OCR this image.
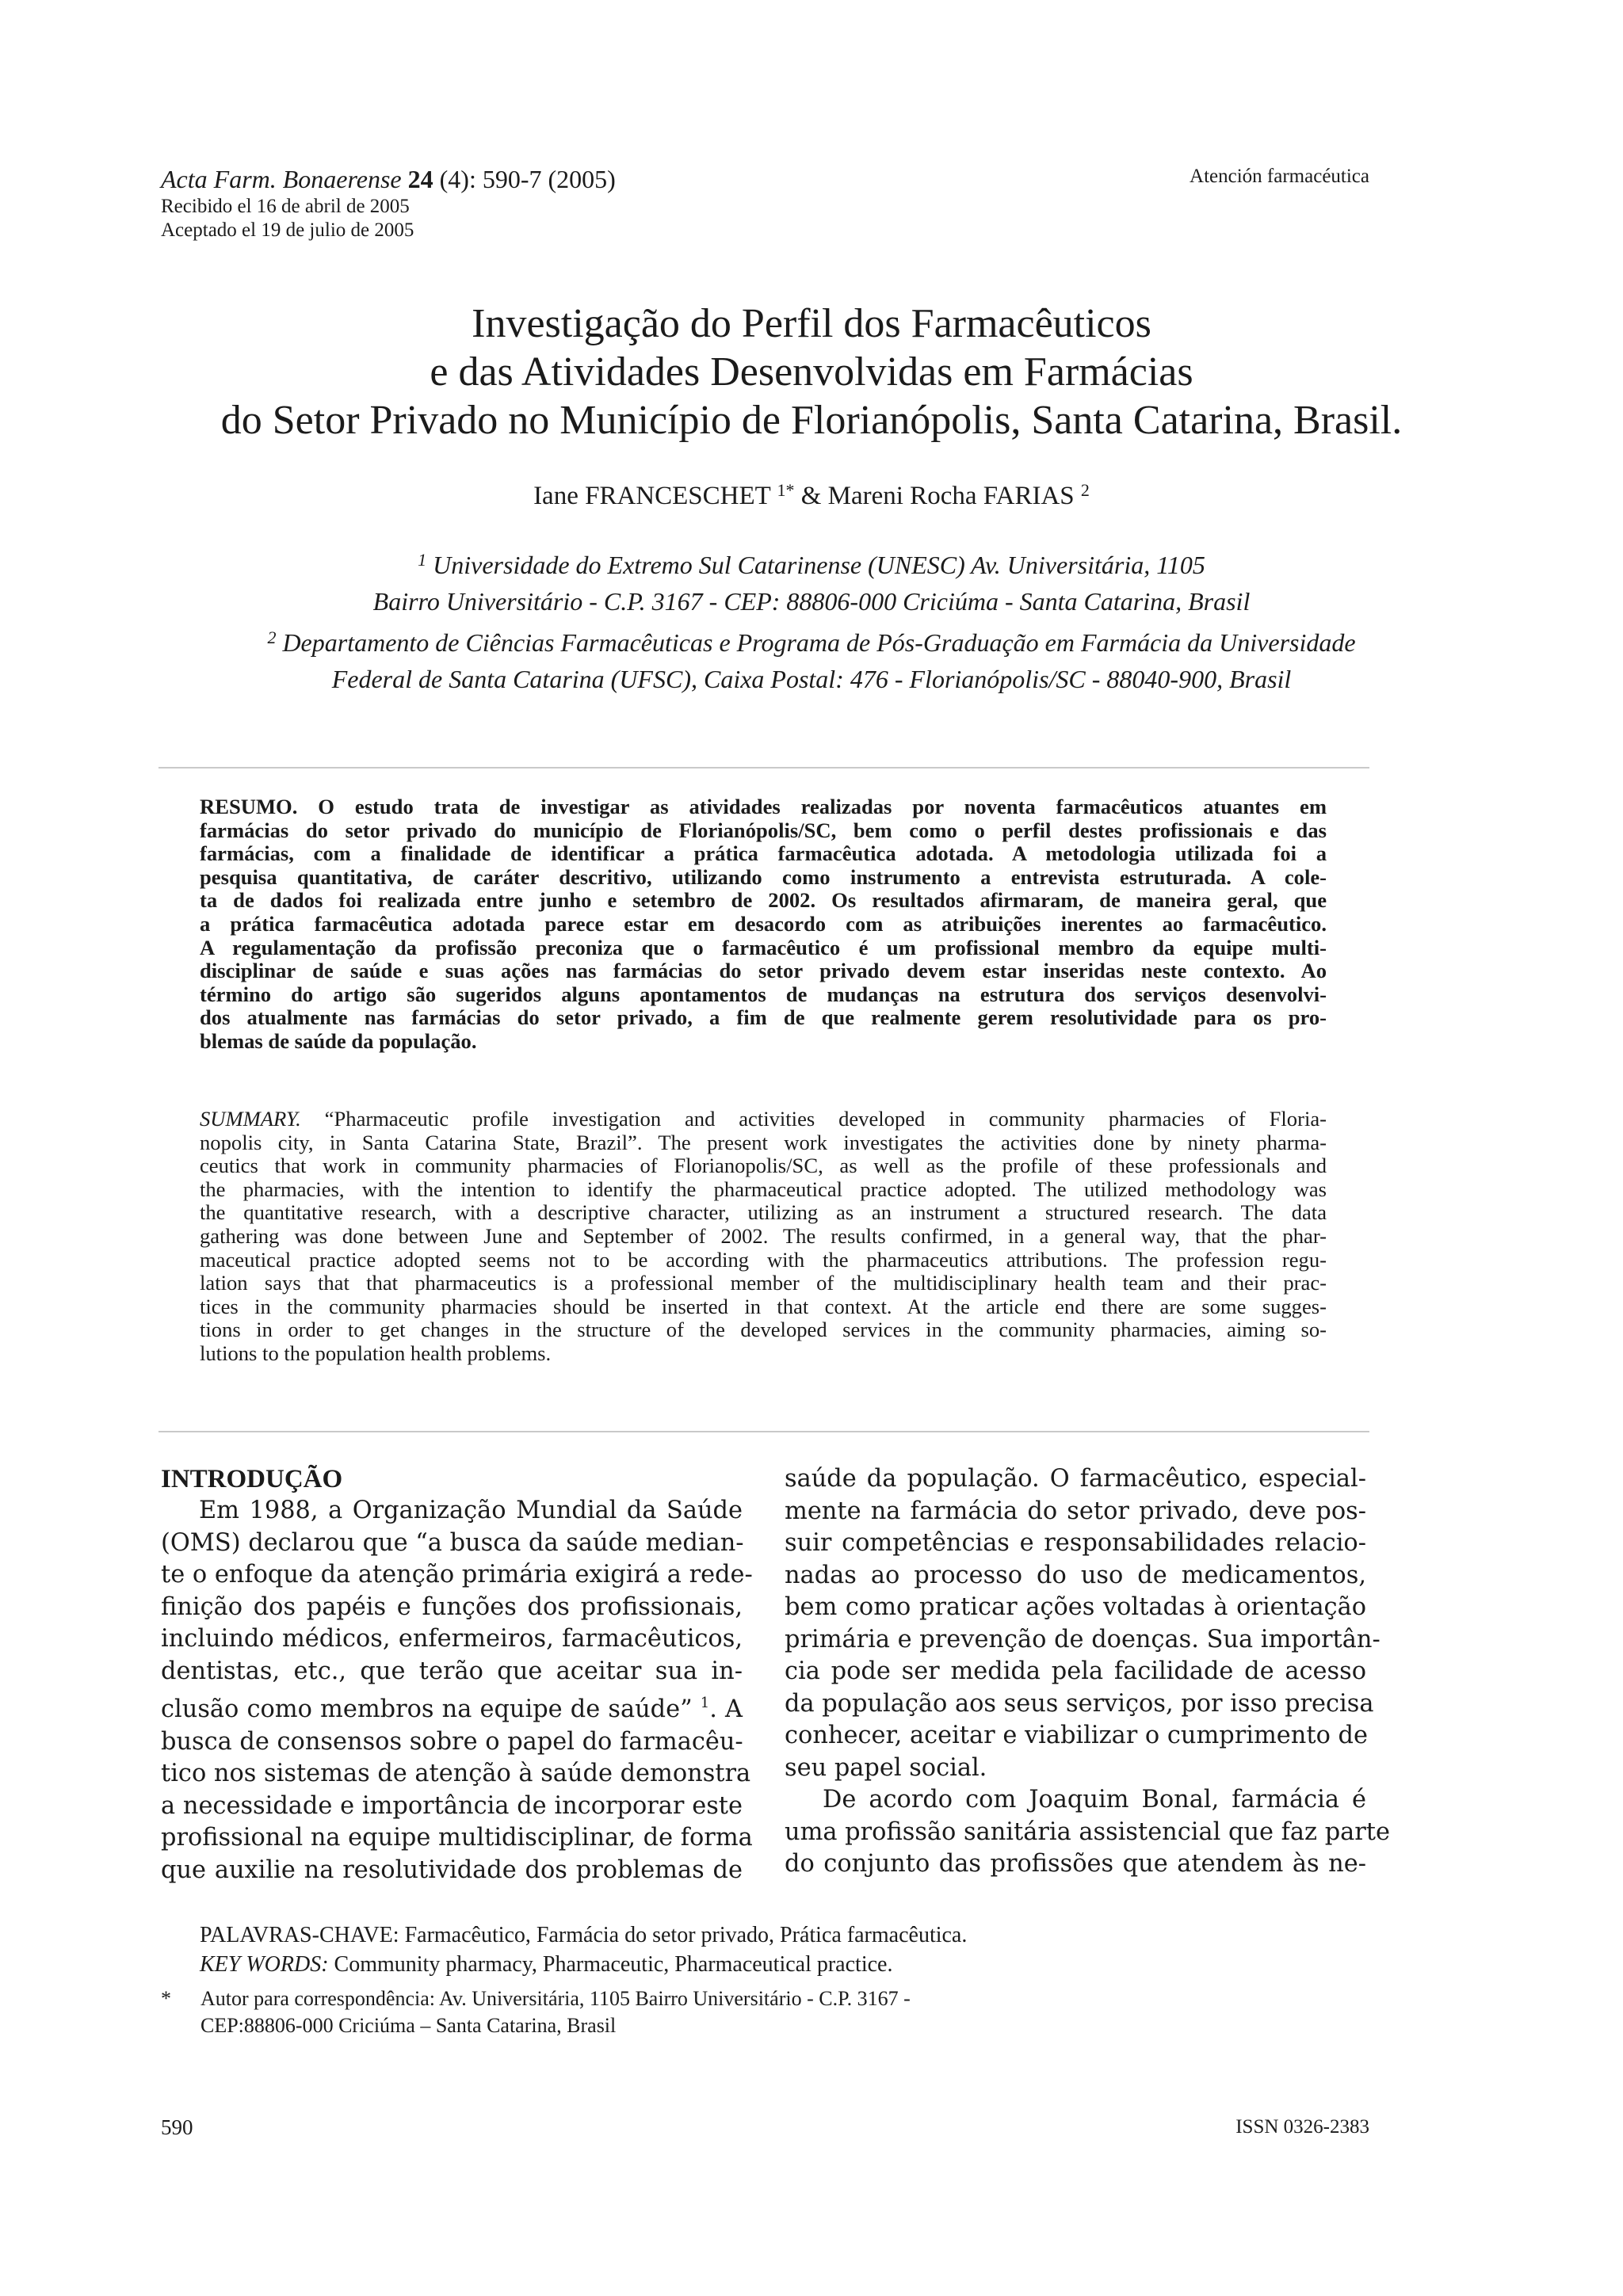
Acta Farm. Bonaerense 24 (4): 590-7 (2005)	Atención farmacéutica
Recibido el 16 de abril de 2005
Aceptado el 19 de julio de 2005
Investigação do Perfil dos Farmacêuticos
e das Atividades Desenvolvidas em Farmácias
do Setor Privado no Município de Florianópolis, Santa Catarina, Brasil.
Iane FRANCESCHET $^{1*}$ & Mareni Rocha FARIAS $^2$
$^1$ Universidade do Extremo Sul Catarinense (UNESC) Av. Universitária, 1105
Bairro Universitário - C.P. 3167 - CEP: 88806-000 Criciúma - Santa Catarina, Brasil
$^2$ Departamento de Ciências Farmacêuticas e Programa de Pós-Graduação em Farmácia da Universidade
Federal de Santa Catarina (UFSC), Caixa Postal: 476 - Florianópolis/SC - 88040-900, Brasil
RESUMO. O estudo trata de investigar as atividades realizadas por noventa farmacêuticos atuantes em
farmácias do setor privado do município de Florianópolis/SC, bem como o perfil destes profissionais e das
farmácias, com a finalidade de identificar a prática farmacêutica adotada. A metodologia utilizada foi a
pesquisa quantitativa, de caráter descritivo, utilizando como instrumento a entrevista estruturada. A cole-
ta de dados foi realizada entre junho e setembro de 2002. Os resultados afirmaram, de maneira geral, que
a prática farmacêutica adotada parece estar em desacordo com as atribuições inerentes ao farmacêutico.
A regulamentação da profissão preconiza que o farmacêutico é um profissional membro da equipe multi-
disciplinar de saúde e suas ações nas farmácias do setor privado devem estar inseridas neste contexto. Ao
término do artigo são sugeridos alguns apontamentos de mudanças na estrutura dos serviços desenvolvi-
dos atualmente nas farmácias do setor privado, a fim de que realmente gerem resolutividade para os pro-
blemas de saúde da população.
SUMMARY. “Pharmaceutic profile investigation and activities developed in community pharmacies of Floria-
nopolis city, in Santa Catarina State, Brazil”. The present work investigates the activities done by ninety pharma-
ceutics that work in community pharmacies of Florianopolis/SC, as well as the profile of these professionals and
the pharmacies, with the intention to identify the pharmaceutical practice adopted. The utilized methodology was
the quantitative research, with a descriptive character, utilizing as an instrument a structured research. The data
gathering was done between June and September of 2002. The results confirmed, in a general way, that the phar-
maceutical practice adopted seems not to be according with the pharmaceutics attributions. The profession regu-
lation says that that pharmaceutics is a professional member of the multidisciplinary health team and their prac-
tices in the community pharmacies should be inserted in that context. At the article end there are some sugges-
tions in order to get changes in the structure of the developed services in the community pharmacies, aiming so-
lutions to the population health problems.
INTRODUÇÃO
Em 1988, a Organização Mundial da Saúde
(OMS) declarou que “a busca da saúde median-
te o enfoque da atenção primária exigirá a rede-
finição dos papéis e funções dos profissionais,
incluindo médicos, enfermeiros, farmacêuticos,
dentistas, etc., que terão que aceitar sua in-
clusão como membros na equipe de saúde” $^1$. A
busca de consensos sobre o papel do farmacêu-
tico nos sistemas de atenção à saúde demonstra
a necessidade e importância de incorporar este
profissional na equipe multidisciplinar, de forma
que auxilie na resolutividade dos problemas de
saúde da população. O farmacêutico, especial-
mente na farmácia do setor privado, deve pos-
suir competências e responsabilidades relacio-
nadas ao processo do uso de medicamentos,
bem como praticar ações voltadas à orientação
primária e prevenção de doenças. Sua importân-
cia pode ser medida pela facilidade de acesso
da população aos seus serviços, por isso precisa
conhecer, aceitar e viabilizar o cumprimento de
seu papel social.
De acordo com Joaquim Bonal, farmácia é
uma profissão sanitária assistencial que faz parte
do conjunto das profissões que atendem às ne-
PALAVRAS-CHAVE: Farmacêutico, Farmácia do setor privado, Prática farmacêutica.
KEY WORDS: Community pharmacy, Pharmaceutic, Pharmaceutical practice.
*	Autor para correspondência: Av. Universitária, 1105 Bairro Universitário - C.P. 3167 -
CEP:88806-000 Criciúma – Santa Catarina, Brasil
590	ISSN 0326-2383
